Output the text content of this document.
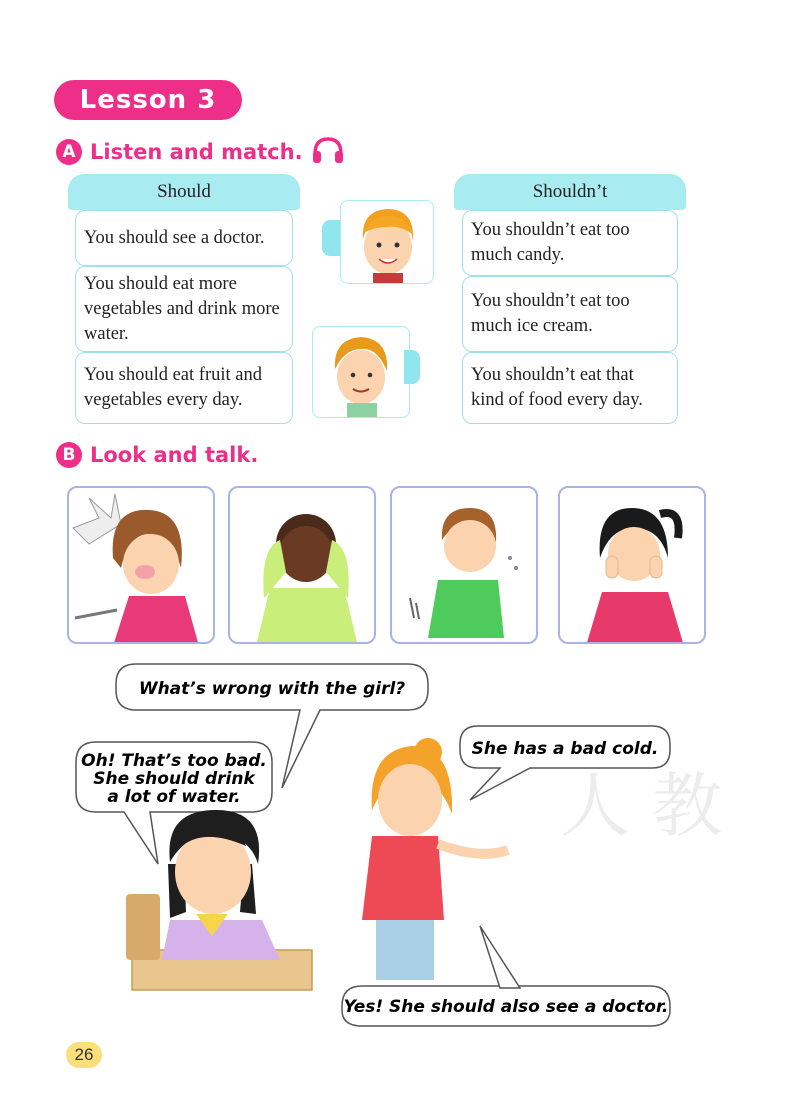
Lesson 3
A Listen and match.
Should
You should see a doctor.
You should eat more vegetables and drink more water.
You should eat fruit and vegetables every day.
Shouldn’t
You shouldn’t eat too much candy.
You shouldn’t eat too much ice cream.
You shouldn’t eat that kind of food every day.
B Look and talk.
人 教
What’s wrong with the girl?
She has a bad cold.
Oh! That’s too bad.
She should drink
a lot of water.
Yes! She should also see a doctor.
26
